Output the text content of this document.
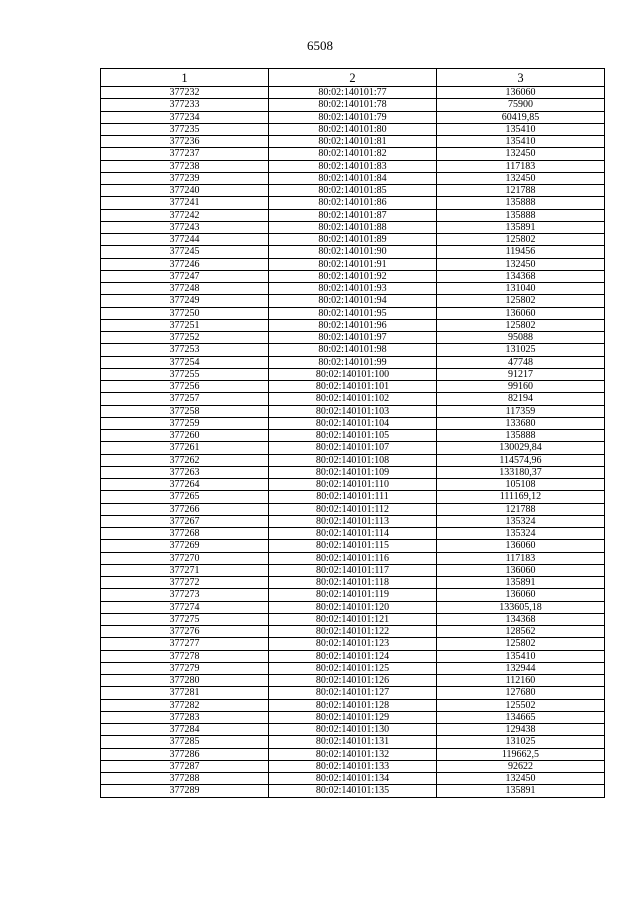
6508
1	2	3
377232	80:02:140101:77	136060
377233	80:02:140101:78	75900
377234	80:02:140101:79	60419,85
377235	80:02:140101:80	135410
377236	80:02:140101:81	135410
377237	80:02:140101:82	132450
377238	80:02:140101:83	117183
377239	80:02:140101:84	132450
377240	80:02:140101:85	121788
377241	80:02:140101:86	135888
377242	80:02:140101:87	135888
377243	80:02:140101:88	135891
377244	80:02:140101:89	125802
377245	80:02:140101:90	119456
377246	80:02:140101:91	132450
377247	80:02:140101:92	134368
377248	80:02:140101:93	131040
377249	80:02:140101:94	125802
377250	80:02:140101:95	136060
377251	80:02:140101:96	125802
377252	80:02:140101:97	95088
377253	80:02:140101:98	131025
377254	80:02:140101:99	47748
377255	80:02:140101:100	91217
377256	80:02:140101:101	99160
377257	80:02:140101:102	82194
377258	80:02:140101:103	117359
377259	80:02:140101:104	133680
377260	80:02:140101:105	135888
377261	80:02:140101:107	130029,84
377262	80:02:140101:108	114574,96
377263	80:02:140101:109	133180,37
377264	80:02:140101:110	105108
377265	80:02:140101:111	111169,12
377266	80:02:140101:112	121788
377267	80:02:140101:113	135324
377268	80:02:140101:114	135324
377269	80:02:140101:115	136060
377270	80:02:140101:116	117183
377271	80:02:140101:117	136060
377272	80:02:140101:118	135891
377273	80:02:140101:119	136060
377274	80:02:140101:120	133605,18
377275	80:02:140101:121	134368
377276	80:02:140101:122	128562
377277	80:02:140101:123	125802
377278	80:02:140101:124	135410
377279	80:02:140101:125	132944
377280	80:02:140101:126	112160
377281	80:02:140101:127	127680
377282	80:02:140101:128	125502
377283	80:02:140101:129	134665
377284	80:02:140101:130	129438
377285	80:02:140101:131	131025
377286	80:02:140101:132	119662,5
377287	80:02:140101:133	92622
377288	80:02:140101:134	132450
377289	80:02:140101:135	135891
